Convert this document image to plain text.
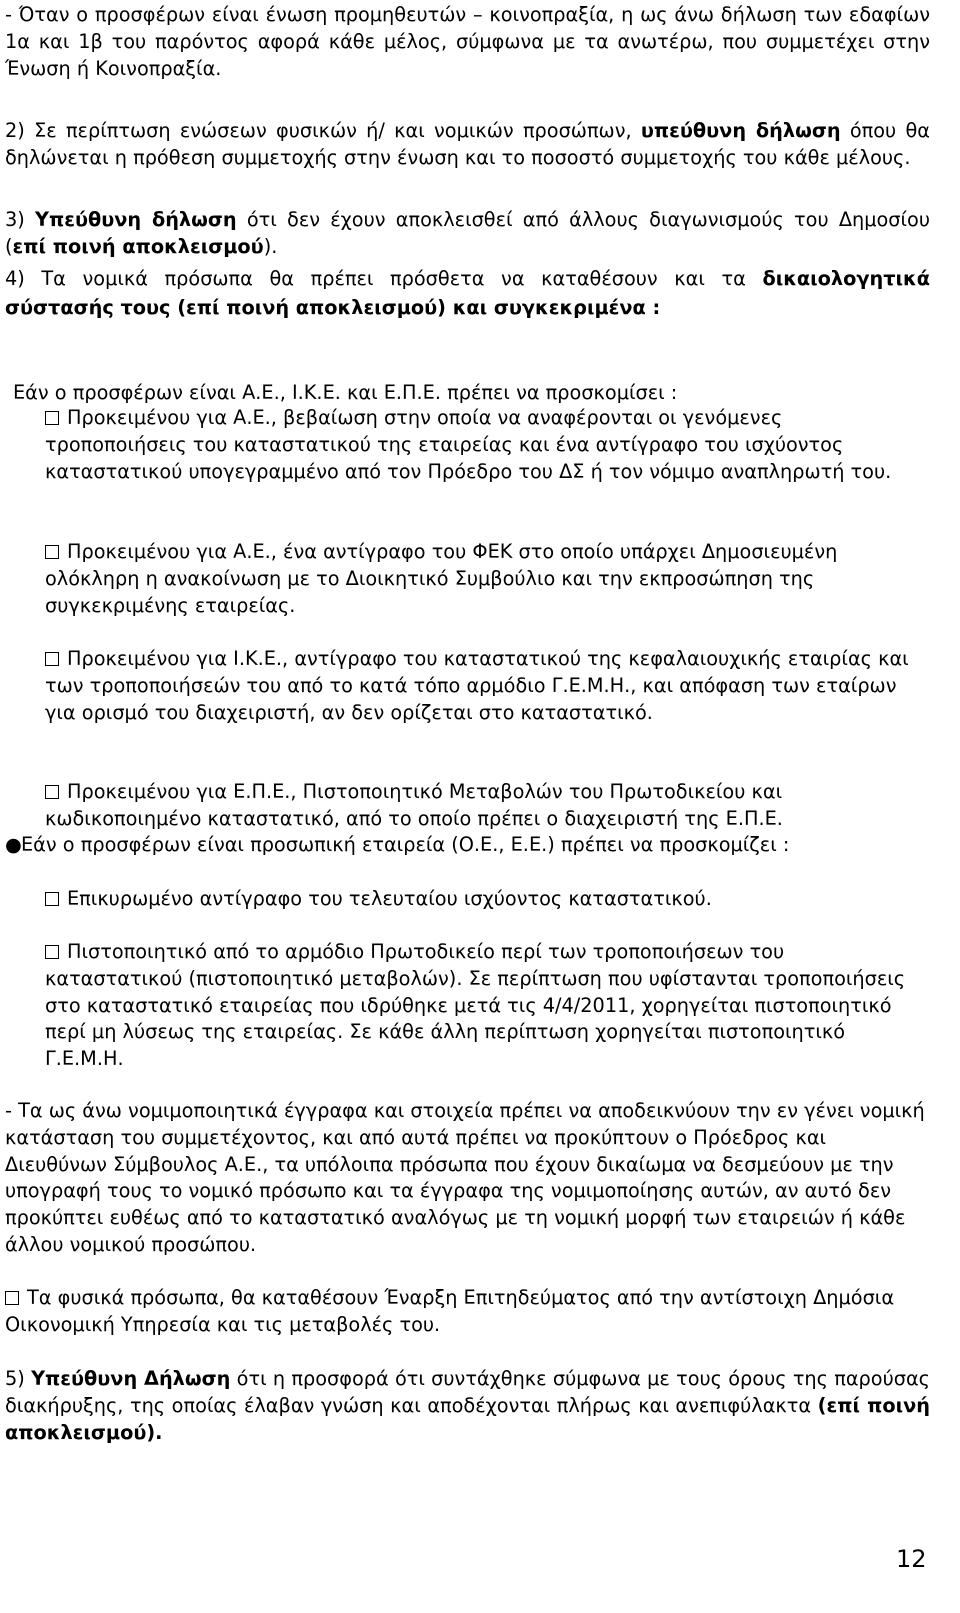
- Όταν ο προσφέρων είναι ένωση προμηθευτών – κοινοπραξία, η ως άνω δήλωση των εδαφίων 1α και 1β του παρόντος αφορά κάθε μέλος, σύμφωνα με τα ανωτέρω, που συμμετέχει στην Ένωση ή Κοινοπραξία.

2) Σε περίπτωση ενώσεων φυσικών ή/ και νομικών προσώπων, υπεύθυνη δήλωση όπου θα δηλώνεται η πρόθεση συμμετοχής στην ένωση και το ποσοστό συμμετοχής του κάθε μέλους.

3) Υπεύθυνη δήλωση ότι δεν έχουν αποκλεισθεί από άλλους διαγωνισμούς του Δημοσίου (επί ποινή αποκλεισμού).

4) Τα νομικά πρόσωπα θα πρέπει πρόσθετα να καταθέσουν και τα δικαιολογητικά σύστασής τους (επί ποινή αποκλεισμού) και συγκεκριμένα :

Εάν ο προσφέρων είναι Α.Ε., Ι.Κ.Ε. και Ε.Π.Ε. πρέπει να προσκομίσει :

Προκειμένου για Α.Ε., βεβαίωση στην οποία να αναφέρονται οι γενόμενες τροποποιήσεις του καταστατικού της εταιρείας και ένα αντίγραφο του ισχύοντος καταστατικού υπογεγραμμένο από τον Πρόεδρο του ΔΣ ή τον νόμιμο αναπληρωτή του.

Προκειμένου για Α.Ε., ένα αντίγραφο του ΦΕΚ στο οποίο υπάρχει Δημοσιευμένη ολόκληρη η ανακοίνωση με το Διοικητικό Συμβούλιο και την εκπροσώπηση της συγκεκριμένης εταιρείας.

Προκειμένου για Ι.Κ.Ε., αντίγραφο του καταστατικού της κεφαλαιουχικής εταιρίας και των τροποποιήσεών του από το κατά τόπο αρμόδιο Γ.Ε.Μ.Η., και απόφαση των εταίρων για ορισμό του διαχειριστή, αν δεν ορίζεται στο καταστατικό.

Προκειμένου για Ε.Π.Ε., Πιστοποιητικό Μεταβολών του Πρωτοδικείου και κωδικοποιημένο καταστατικό, από το οποίο πρέπει ο διαχειριστή της Ε.Π.Ε.

●Εάν ο προσφέρων είναι προσωπική εταιρεία (Ο.Ε., Ε.Ε.) πρέπει να προσκομίζει :

Επικυρωμένο αντίγραφο του τελευταίου ισχύοντος καταστατικού.

Πιστοποιητικό από το αρμόδιο Πρωτοδικείο περί των τροποποιήσεων του καταστατικού (πιστοποιητικό μεταβολών). Σε περίπτωση που υφίστανται τροποποιήσεις στο καταστατικό εταιρείας που ιδρύθηκε μετά τις 4/4/2011, χορηγείται πιστοποιητικό περί μη λύσεως της εταιρείας. Σε κάθε άλλη περίπτωση χορηγείται πιστοποιητικό Γ.Ε.Μ.Η.

- Τα ως άνω νομιμοποιητικά έγγραφα και στοιχεία πρέπει να αποδεικνύουν την εν γένει νομική κατάσταση του συμμετέχοντος, και από αυτά πρέπει να προκύπτουν ο Πρόεδρος και Διευθύνων Σύμβουλος Α.Ε., τα υπόλοιπα πρόσωπα που έχουν δικαίωμα να δεσμεύουν με την υπογραφή τους το νομικό πρόσωπο και τα έγγραφα της νομιμοποίησης αυτών, αν αυτό δεν προκύπτει ευθέως από το καταστατικό αναλόγως με τη νομική μορφή των εταιρειών ή κάθε άλλου νομικού προσώπου.

Τα φυσικά πρόσωπα, θα καταθέσουν Έναρξη Επιτηδεύματος από την αντίστοιχη Δημόσια Οικονομική Υπηρεσία και τις μεταβολές του.

5) Υπεύθυνη Δήλωση ότι η προσφορά ότι συντάχθηκε σύμφωνα με τους όρους της παρούσας διακήρυξης, της οποίας έλαβαν γνώση και αποδέχονται πλήρως και ανεπιφύλακτα (επί ποινή αποκλεισμού).

12
